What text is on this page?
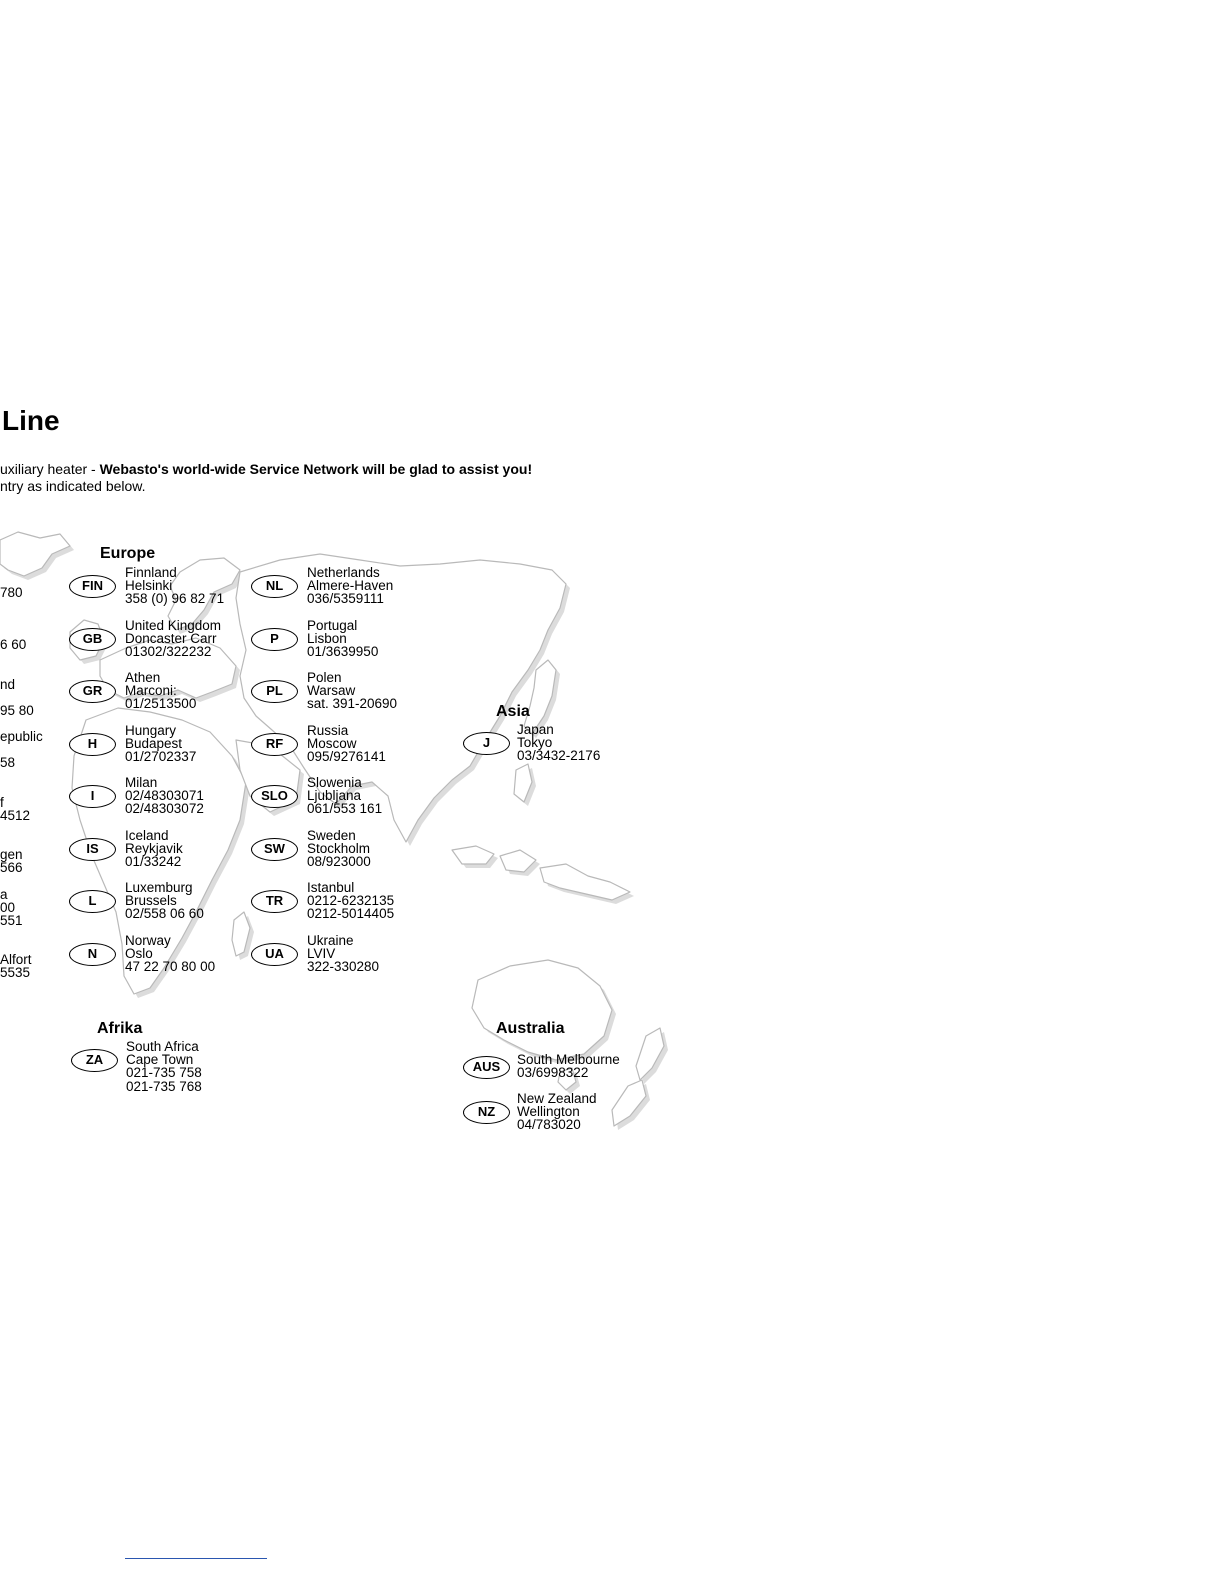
Line
uxiliary heater - Webasto's world-wide Service Network will be glad to assist you!
ntry as indicated below.
Europe
Asia
Afrika	Australia

780

6 60
nd

95 80
epublic

58

f
4512

gen
566
a
00
551

Alfort
5535
FIN
Finnland
Helsinki
358 (0) 96 82 71
GB
United Kingdom
Doncaster Carr
01302/322232
GR
Athen
Marconi:
01/2513500
H
Hungary
Budapest
01/2702337
I
Milan
02/48303071
02/48303072
IS
Iceland
Reykjavik
01/33242
L
Luxemburg
Brussels
02/558 06 60
N
Norway
Oslo
47 22 70 80 00
NL
Netherlands
Almere-Haven
036/5359111
P
Portugal
Lisbon
01/3639950
PL
Polen
Warsaw
sat. 391-20690
RF
Russia
Moscow
095/9276141
SLO
Slowenia
Ljubljana
061/553 161
SW
Sweden
Stockholm
08/923000
TR
Istanbul
0212-6232135
0212-5014405
UA
Ukraine
LVIV
322-330280
J
Japan
Tokyo
03/3432-2176
ZA
South Africa
Cape Town
021-735 758
021-735 768
AUS	South Melbourne
03/6998322
NZ
New Zealand
Wellington
04/783020
